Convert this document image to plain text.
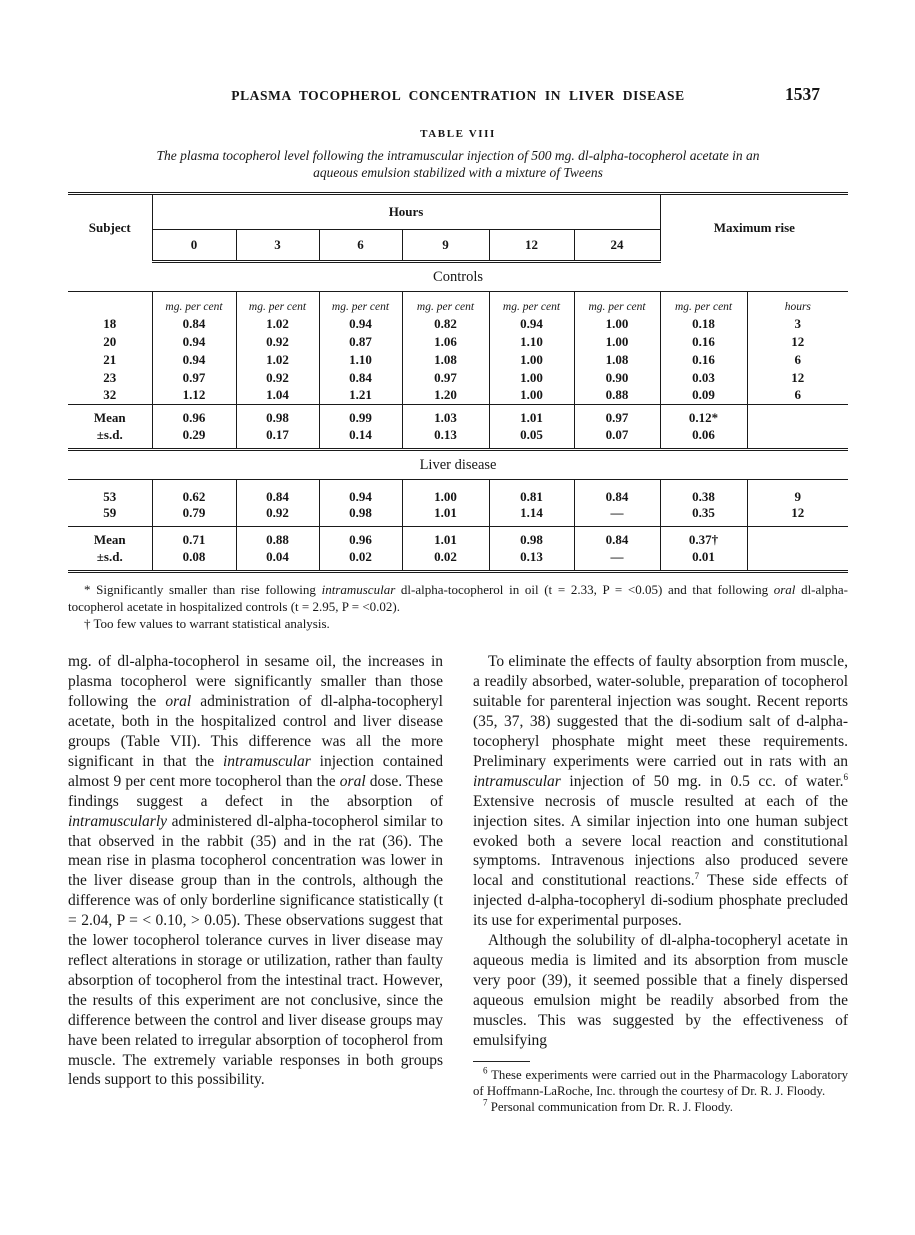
PLASMA TOCOPHEROL CONCENTRATION IN LIVER DISEASE	1537
TABLE VIII
The plasma tocopherol level following the intramuscular injection of 500 mg. dl-alpha-tocopherol acetate in an
aqueous emulsion stabilized with a mixture of Tweens
Subject	Hours						Maximum rise	
	0	3	6	9	12	24		
Controls								
	mg. per cent	mg. per cent	mg. per cent	mg. per cent	mg. per cent	mg. per cent	mg. per cent	hours
18	0.84	1.02	0.94	0.82	0.94	1.00	0.18	3
20	0.94	0.92	0.87	1.06	1.10	1.00	0.16	12
21	0.94	1.02	1.10	1.08	1.00	1.08	0.16	6
23	0.97	0.92	0.84	0.97	1.00	0.90	0.03	12
32	1.12	1.04	1.21	1.20	1.00	0.88	0.09	6
Mean	0.96	0.98	0.99	1.03	1.01	0.97	0.12*	
±s.d.	0.29	0.17	0.14	0.13	0.05	0.07	0.06	
Liver disease								
53	0.62	0.84	0.94	1.00	0.81	0.84	0.38	9
59	0.79	0.92	0.98	1.01	1.14	—	0.35	12
Mean	0.71	0.88	0.96	1.01	0.98	0.84	0.37†	
±s.d.	0.08	0.04	0.02	0.02	0.13	—	0.01	

* Significantly smaller than rise following intramuscular dl-alpha-tocopherol in oil (t = 2.33, P = <0.05) and that following oral dl-alpha-tocopherol acetate in hospitalized controls (t = 2.95, P = <0.02).

† Too few values to warrant statistical analysis.

mg. of dl-alpha-tocopherol in sesame oil, the increases in plasma tocopherol were significantly smaller than those following the oral administration of dl-alpha-tocopheryl acetate, both in the hospitalized control and liver disease groups (Table VII). This difference was all the more significant in that the intramuscular injection contained almost 9 per cent more tocopherol than the oral dose. These findings suggest a defect in the absorption of intramuscularly administered dl-alpha-tocopherol similar to that observed in the rabbit (35) and in the rat (36). The mean rise in plasma tocopherol concentration was lower in the liver disease group than in the controls, although the difference was of only borderline significance statistically (t = 2.04, P = < 0.10, > 0.05). These observations suggest that the lower tocopherol tolerance curves in liver disease may reflect alterations in storage or utilization, rather than faulty absorption of tocopherol from the intestinal tract. However, the results of this experiment are not conclusive, since the difference between the control and liver disease groups may have been related to irregular absorption of tocopherol from muscle. The extremely variable responses in both groups lends support to this possibility.

To eliminate the effects of faulty absorption from muscle, a readily absorbed, water-soluble, preparation of tocopherol suitable for parenteral injection was sought. Recent reports (35, 37, 38) suggested that the di-sodium salt of d-alpha-tocopheryl phosphate might meet these requirements. Preliminary experiments were carried out in rats with an intramuscular injection of 50 mg. in 0.5 cc. of water.$^6$ Extensive necrosis of muscle resulted at each of the injection sites. A similar injection into one human subject evoked both a severe local reaction and constitutional symptoms. Intravenous injections also produced severe local and constitutional reactions.$^7$ These side effects of injected d-alpha-tocopheryl di-sodium phosphate precluded its use for experimental purposes.

Although the solubility of dl-alpha-tocopheryl acetate in aqueous media is limited and its absorption from muscle very poor (39), it seemed possible that a finely dispersed aqueous emulsion might be readily absorbed from the muscles. This was suggested by the effectiveness of emulsifying

$^6$ These experiments were carried out in the Pharmacology Laboratory of Hoffmann-LaRoche, Inc. through the courtesy of Dr. R. J. Floody.

$^7$ Personal communication from Dr. R. J. Floody.
